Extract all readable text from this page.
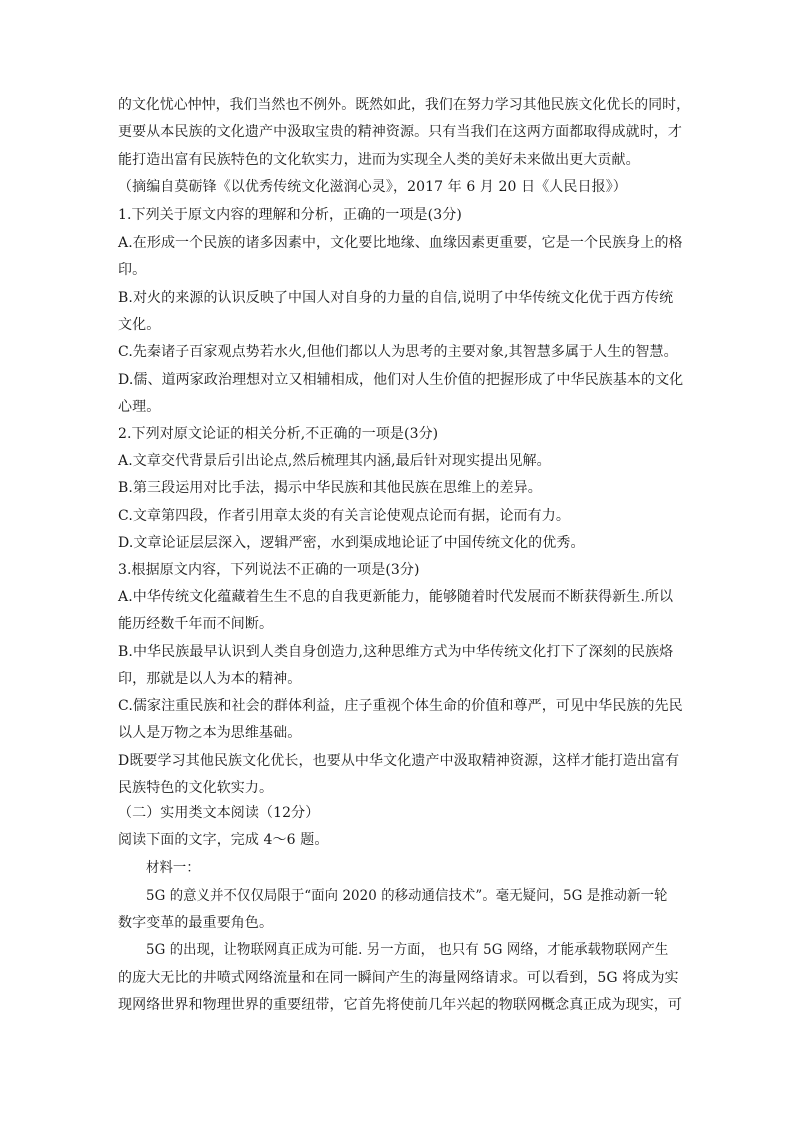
的文化忧心忡忡，我们当然也不例外。既然如此，我们在努力学习其他民族文化优长的同时，
更要从本民族的文化遗产中汲取宝贵的精神资源。只有当我们在这两方面都取得成就时，才
能打造出富有民族特色的文化软实力，进而为实现全人类的美好未来做出更大贡献。
（摘编自莫砺锋《以优秀传统文化滋润心灵》，2017 年 6 月 20 日《人民日报》）
1.下列关于原文内容的理解和分析，正确的一项是(3分)
A.在形成一个民族的诸多因素中，文化要比地缘、血缘因素更重要，它是一个民族身上的格
印。
B.对火的来源的认识反映了中国人对自身的力量的自信,说明了中华传统文化优于西方传统
文化。
C.先秦诸子百家观点势若水火,但他们都以人为思考的主要对象,其智慧多属于人生的智慧。
D.儒、道两家政治理想对立又相辅相成，他们对人生价值的把握形成了中华民族基本的文化
心理。
2.下列对原文论证的相关分析,不正确的一项是(3分)
A.文章交代背景后引出论点,然后梳理其内涵,最后针对现实提出见解。
B.第三段运用对比手法，揭示中华民族和其他民族在思维上的差异。
C.文章第四段，作者引用章太炎的有关言论使观点论而有据，论而有力。
D.文章论证层层深入，逻辑严密，水到渠成地论证了中国传统文化的优秀。
3.根据原文内容，下列说法不正确的一项是(3分)
A.中华传统文化蕴藏着生生不息的自我更新能力，能够随着时代发展而不断获得新生.所以
能历经数千年而不间断。
B.中华民族最早认识到人类自身创造力,这种思维方式为中华传统文化打下了深刻的民族烙
印，那就是以人为本的精神。
C.儒家注重民族和社会的群体利益，庄子重视个体生命的价值和尊严，可见中华民族的先民
以人是万物之本为思维基础。
D既要学习其他民族文化优长，也要从中华文化遗产中汲取精神资源，这样才能打造出富有
民族特色的文化软实力。
（二）实用类文本阅读（12分）
阅读下面的文字，完成 4～6 题。
材料一：
5G 的意义并不仅仅局限于“面向 2020 的移动通信技术”。毫无疑问，5G 是推动新一轮
数字变革的最重要角色。
5G 的出现，让物联网真正成为可能. 另一方面， 也只有 5G 网络，才能承载物联网产生
的庞大无比的井喷式网络流量和在同一瞬间产生的海量网络请求。可以看到，5G 将成为实
现网络世界和物理世界的重要纽带，它首先将使前几年兴起的物联网概念真正成为现实，可
